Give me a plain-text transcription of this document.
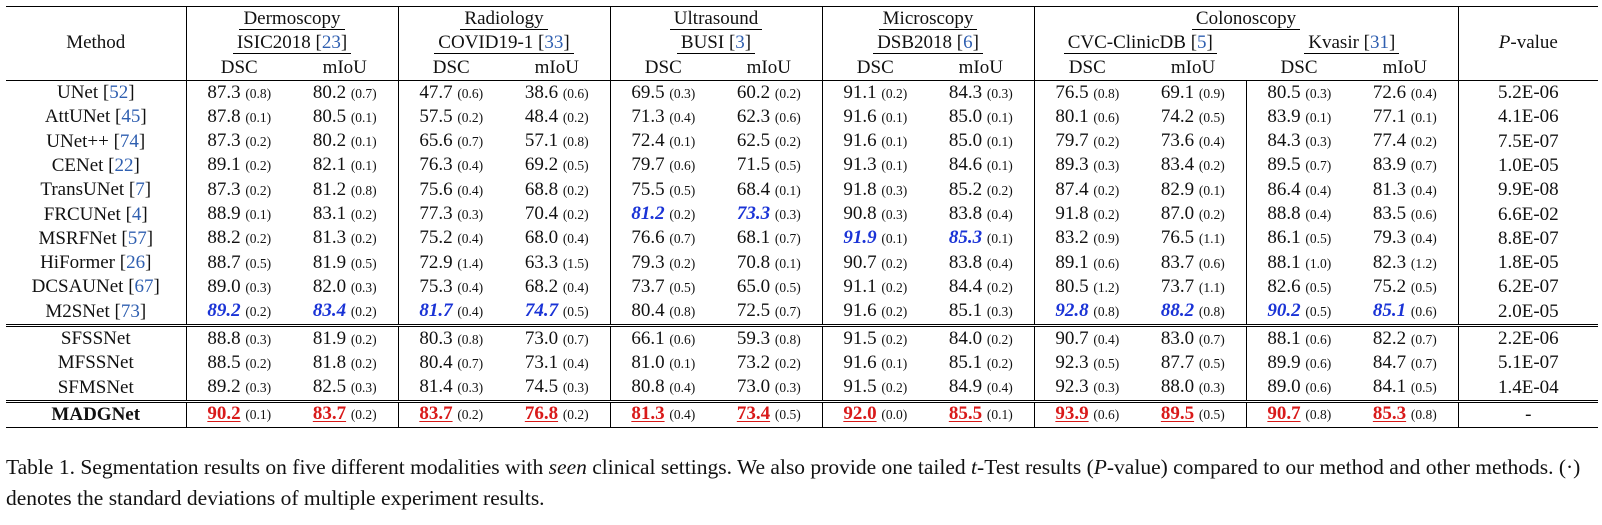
Method	Dermoscopy		Radiology		Ultrasound		Microscopy		Colonoscopy				P-value
	ISIC2018 [23]		COVID19-1 [33]		BUSI [3]		DSB2018 [6]		CVC-ClinicDB [5]		Kvasir [31]		
	DSC	mIoU	DSC	mIoU	DSC	mIoU	DSC	mIoU	DSC	mIoU	DSC	mIoU	
UNet [52]	87.3 (0.8)	80.2 (0.7)	47.7 (0.6)	38.6 (0.6)	69.5 (0.3)	60.2 (0.2)	91.1 (0.2)	84.3 (0.3)	76.5 (0.8)	69.1 (0.9)	80.5 (0.3)	72.6 (0.4)	5.2E-06
AttUNet [45]	87.8 (0.1)	80.5 (0.1)	57.5 (0.2)	48.4 (0.2)	71.3 (0.4)	62.3 (0.6)	91.6 (0.1)	85.0 (0.1)	80.1 (0.6)	74.2 (0.5)	83.9 (0.1)	77.1 (0.1)	4.1E-06
UNet++ [74]	87.3 (0.2)	80.2 (0.1)	65.6 (0.7)	57.1 (0.8)	72.4 (0.1)	62.5 (0.2)	91.6 (0.1)	85.0 (0.1)	79.7 (0.2)	73.6 (0.4)	84.3 (0.3)	77.4 (0.2)	7.5E-07
CENet [22]	89.1 (0.2)	82.1 (0.1)	76.3 (0.4)	69.2 (0.5)	79.7 (0.6)	71.5 (0.5)	91.3 (0.1)	84.6 (0.1)	89.3 (0.3)	83.4 (0.2)	89.5 (0.7)	83.9 (0.7)	1.0E-05
TransUNet [7]	87.3 (0.2)	81.2 (0.8)	75.6 (0.4)	68.8 (0.2)	75.5 (0.5)	68.4 (0.1)	91.8 (0.3)	85.2 (0.2)	87.4 (0.2)	82.9 (0.1)	86.4 (0.4)	81.3 (0.4)	9.9E-08
FRCUNet [4]	88.9 (0.1)	83.1 (0.2)	77.3 (0.3)	70.4 (0.2)	81.2 (0.2)	73.3 (0.3)	90.8 (0.3)	83.8 (0.4)	91.8 (0.2)	87.0 (0.2)	88.8 (0.4)	83.5 (0.6)	6.6E-02
MSRFNet [57]	88.2 (0.2)	81.3 (0.2)	75.2 (0.4)	68.0 (0.4)	76.6 (0.7)	68.1 (0.7)	91.9 (0.1)	85.3 (0.1)	83.2 (0.9)	76.5 (1.1)	86.1 (0.5)	79.3 (0.4)	8.8E-07
HiFormer [26]	88.7 (0.5)	81.9 (0.5)	72.9 (1.4)	63.3 (1.5)	79.3 (0.2)	70.8 (0.1)	90.7 (0.2)	83.8 (0.4)	89.1 (0.6)	83.7 (0.6)	88.1 (1.0)	82.3 (1.2)	1.8E-05
DCSAUNet [67]	89.0 (0.3)	82.0 (0.3)	75.3 (0.4)	68.2 (0.4)	73.7 (0.5)	65.0 (0.5)	91.1 (0.2)	84.4 (0.2)	80.5 (1.2)	73.7 (1.1)	82.6 (0.5)	75.2 (0.5)	6.2E-07
M2SNet [73]	89.2 (0.2)	83.4 (0.2)	81.7 (0.4)	74.7 (0.5)	80.4 (0.8)	72.5 (0.7)	91.6 (0.2)	85.1 (0.3)	92.8 (0.8)	88.2 (0.8)	90.2 (0.5)	85.1 (0.6)	2.0E-05
SFSSNet	88.8 (0.3)	81.9 (0.2)	80.3 (0.8)	73.0 (0.7)	66.1 (0.6)	59.3 (0.8)	91.5 (0.2)	84.0 (0.2)	90.7 (0.4)	83.0 (0.7)	88.1 (0.6)	82.2 (0.7)	2.2E-06
MFSSNet	88.5 (0.2)	81.8 (0.2)	80.4 (0.7)	73.1 (0.4)	81.0 (0.1)	73.2 (0.2)	91.6 (0.1)	85.1 (0.2)	92.3 (0.5)	87.7 (0.5)	89.9 (0.6)	84.7 (0.7)	5.1E-07
SFMSNet	89.2 (0.3)	82.5 (0.3)	81.4 (0.3)	74.5 (0.3)	80.8 (0.4)	73.0 (0.3)	91.5 (0.2)	84.9 (0.4)	92.3 (0.3)	88.0 (0.3)	89.0 (0.6)	84.1 (0.5)	1.4E-04
MADGNet	90.2 (0.1)	83.7 (0.2)	83.7 (0.2)	76.8 (0.2)	81.3 (0.4)	73.4 (0.5)	92.0 (0.0)	85.5 (0.1)	93.9 (0.6)	89.5 (0.5)	90.7 (0.8)	85.3 (0.8)	-
Table 1. Segmentation results on five different modalities with seen clinical settings. We also provide one tailed t-Test results (P-value) compared to our method and other methods. (·) denotes the standard deviations of multiple experiment results.
